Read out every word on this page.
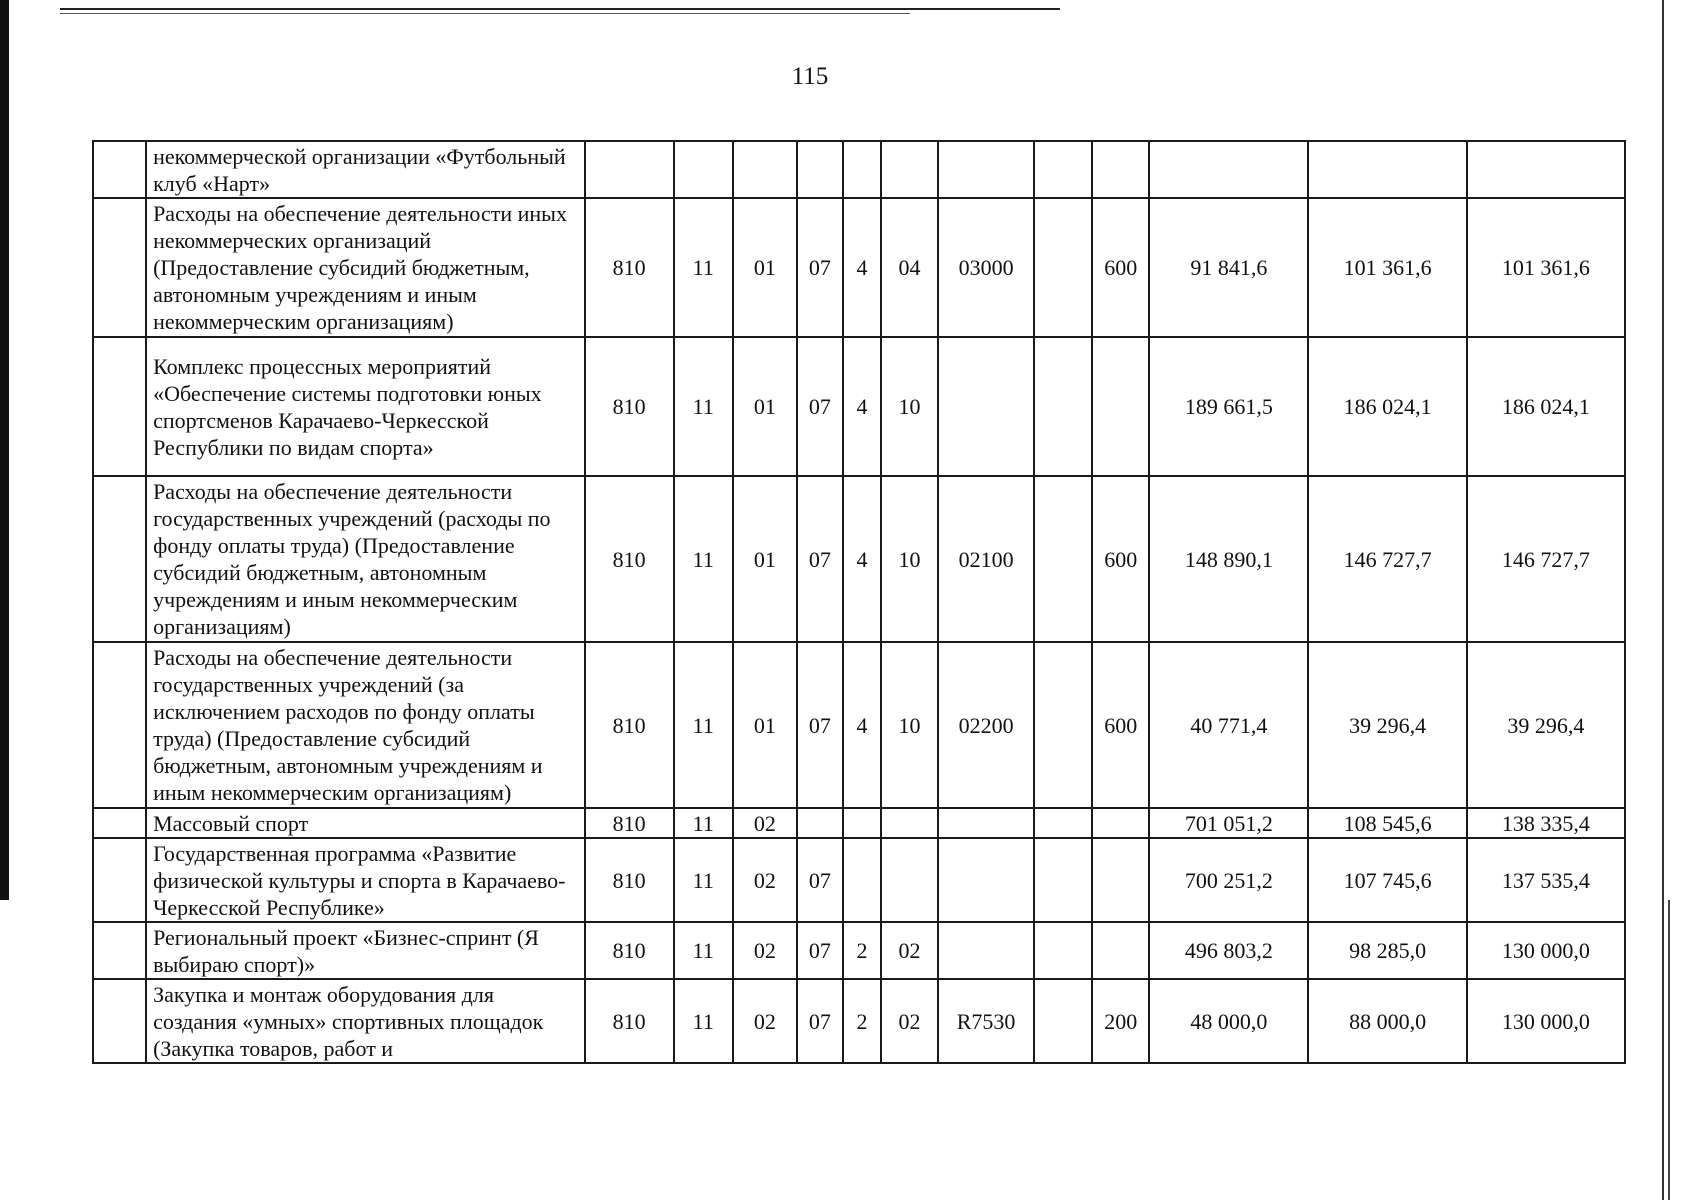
115
	некоммерческой организации «Футбольный клуб «Нарт»												
	Расходы на обеспечение деятельности иных некоммерческих организаций (Предоставление субсидий бюджетным, автономным учреждениям и иным некоммерческим организациям)	810	11	01	07	4	04	03000		600	91 841,6	101 361,6	101 361,6
	Комплекс процессных мероприятий «Обеспечение системы подготовки юных спортсменов Карачаево-Черкесской Республики по видам спорта»	810	11	01	07	4	10				189 661,5	186 024,1	186 024,1
	Расходы на обеспечение деятельности государственных учреждений (расходы по фонду оплаты труда) (Предоставление субсидий бюджетным, автономным учреждениям и иным некоммерческим организациям)	810	11	01	07	4	10	02100		600	148 890,1	146 727,7	146 727,7
	Расходы на обеспечение деятельности государственных учреждений (за исключением расходов по фонду оплаты труда) (Предоставление субсидий бюджетным, автономным учреждениям и иным некоммерческим организациям)	810	11	01	07	4	10	02200		600	40 771,4	39 296,4	39 296,4
	Массовый спорт	810	11	02							701 051,2	108 545,6	138 335,4
	Государственная программа «Развитие физической культуры и спорта в Карачаево-Черкесской Республике»	810	11	02	07						700 251,2	107 745,6	137 535,4
	Региональный проект «Бизнес-спринт (Я выбираю спорт)»	810	11	02	07	2	02				496 803,2	98 285,0	130 000,0
	Закупка и монтаж оборудования для создания «умных» спортивных площадок (Закупка товаров, работ и	810	11	02	07	2	02	R7530		200	48 000,0	88 000,0	130 000,0
